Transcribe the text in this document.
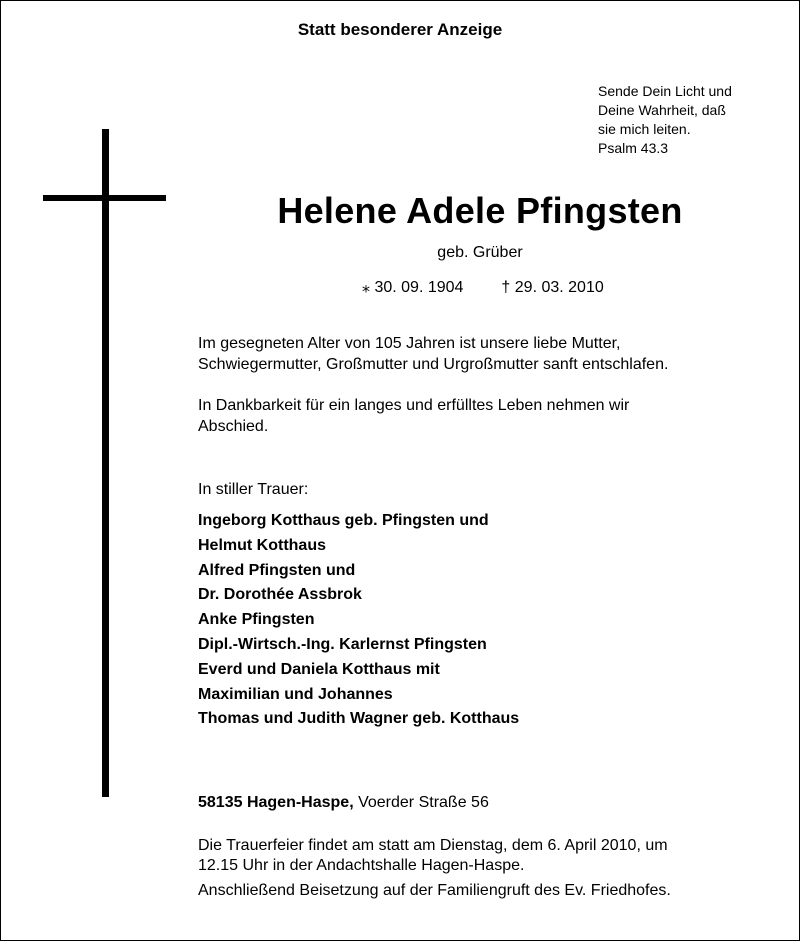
Statt besonderer Anzeige
Sende Dein Licht und
Deine Wahrheit, daß
sie mich leiten.
Psalm 43.3
Helene Adele Pfingsten
geb. Grüber
⁎ 30. 09. 1904 † 29. 03. 2010
Im gesegneten Alter von 105 Jahren ist unsere liebe Mutter,
Schwiegermutter, Großmutter und Urgroßmutter sanft entschlafen.
In Dankbarkeit für ein langes und erfülltes Leben nehmen wir
Abschied.
In stiller Trauer:
Ingeborg Kotthaus geb. Pfingsten und
Helmut Kotthaus
Alfred Pfingsten und
Dr. Dorothée Assbrok
Anke Pfingsten
Dipl.-Wirtsch.-Ing. Karlernst Pfingsten
Everd und Daniela Kotthaus mit
Maximilian und Johannes
Thomas und Judith Wagner geb. Kotthaus
58135 Hagen-Haspe, Voerder Straße 56
Die Trauerfeier findet am statt am Dienstag, dem 6. April 2010, um
12.15 Uhr in der Andachtshalle Hagen-Haspe.
Anschließend Beisetzung auf der Familiengruft des Ev. Friedhofes.
